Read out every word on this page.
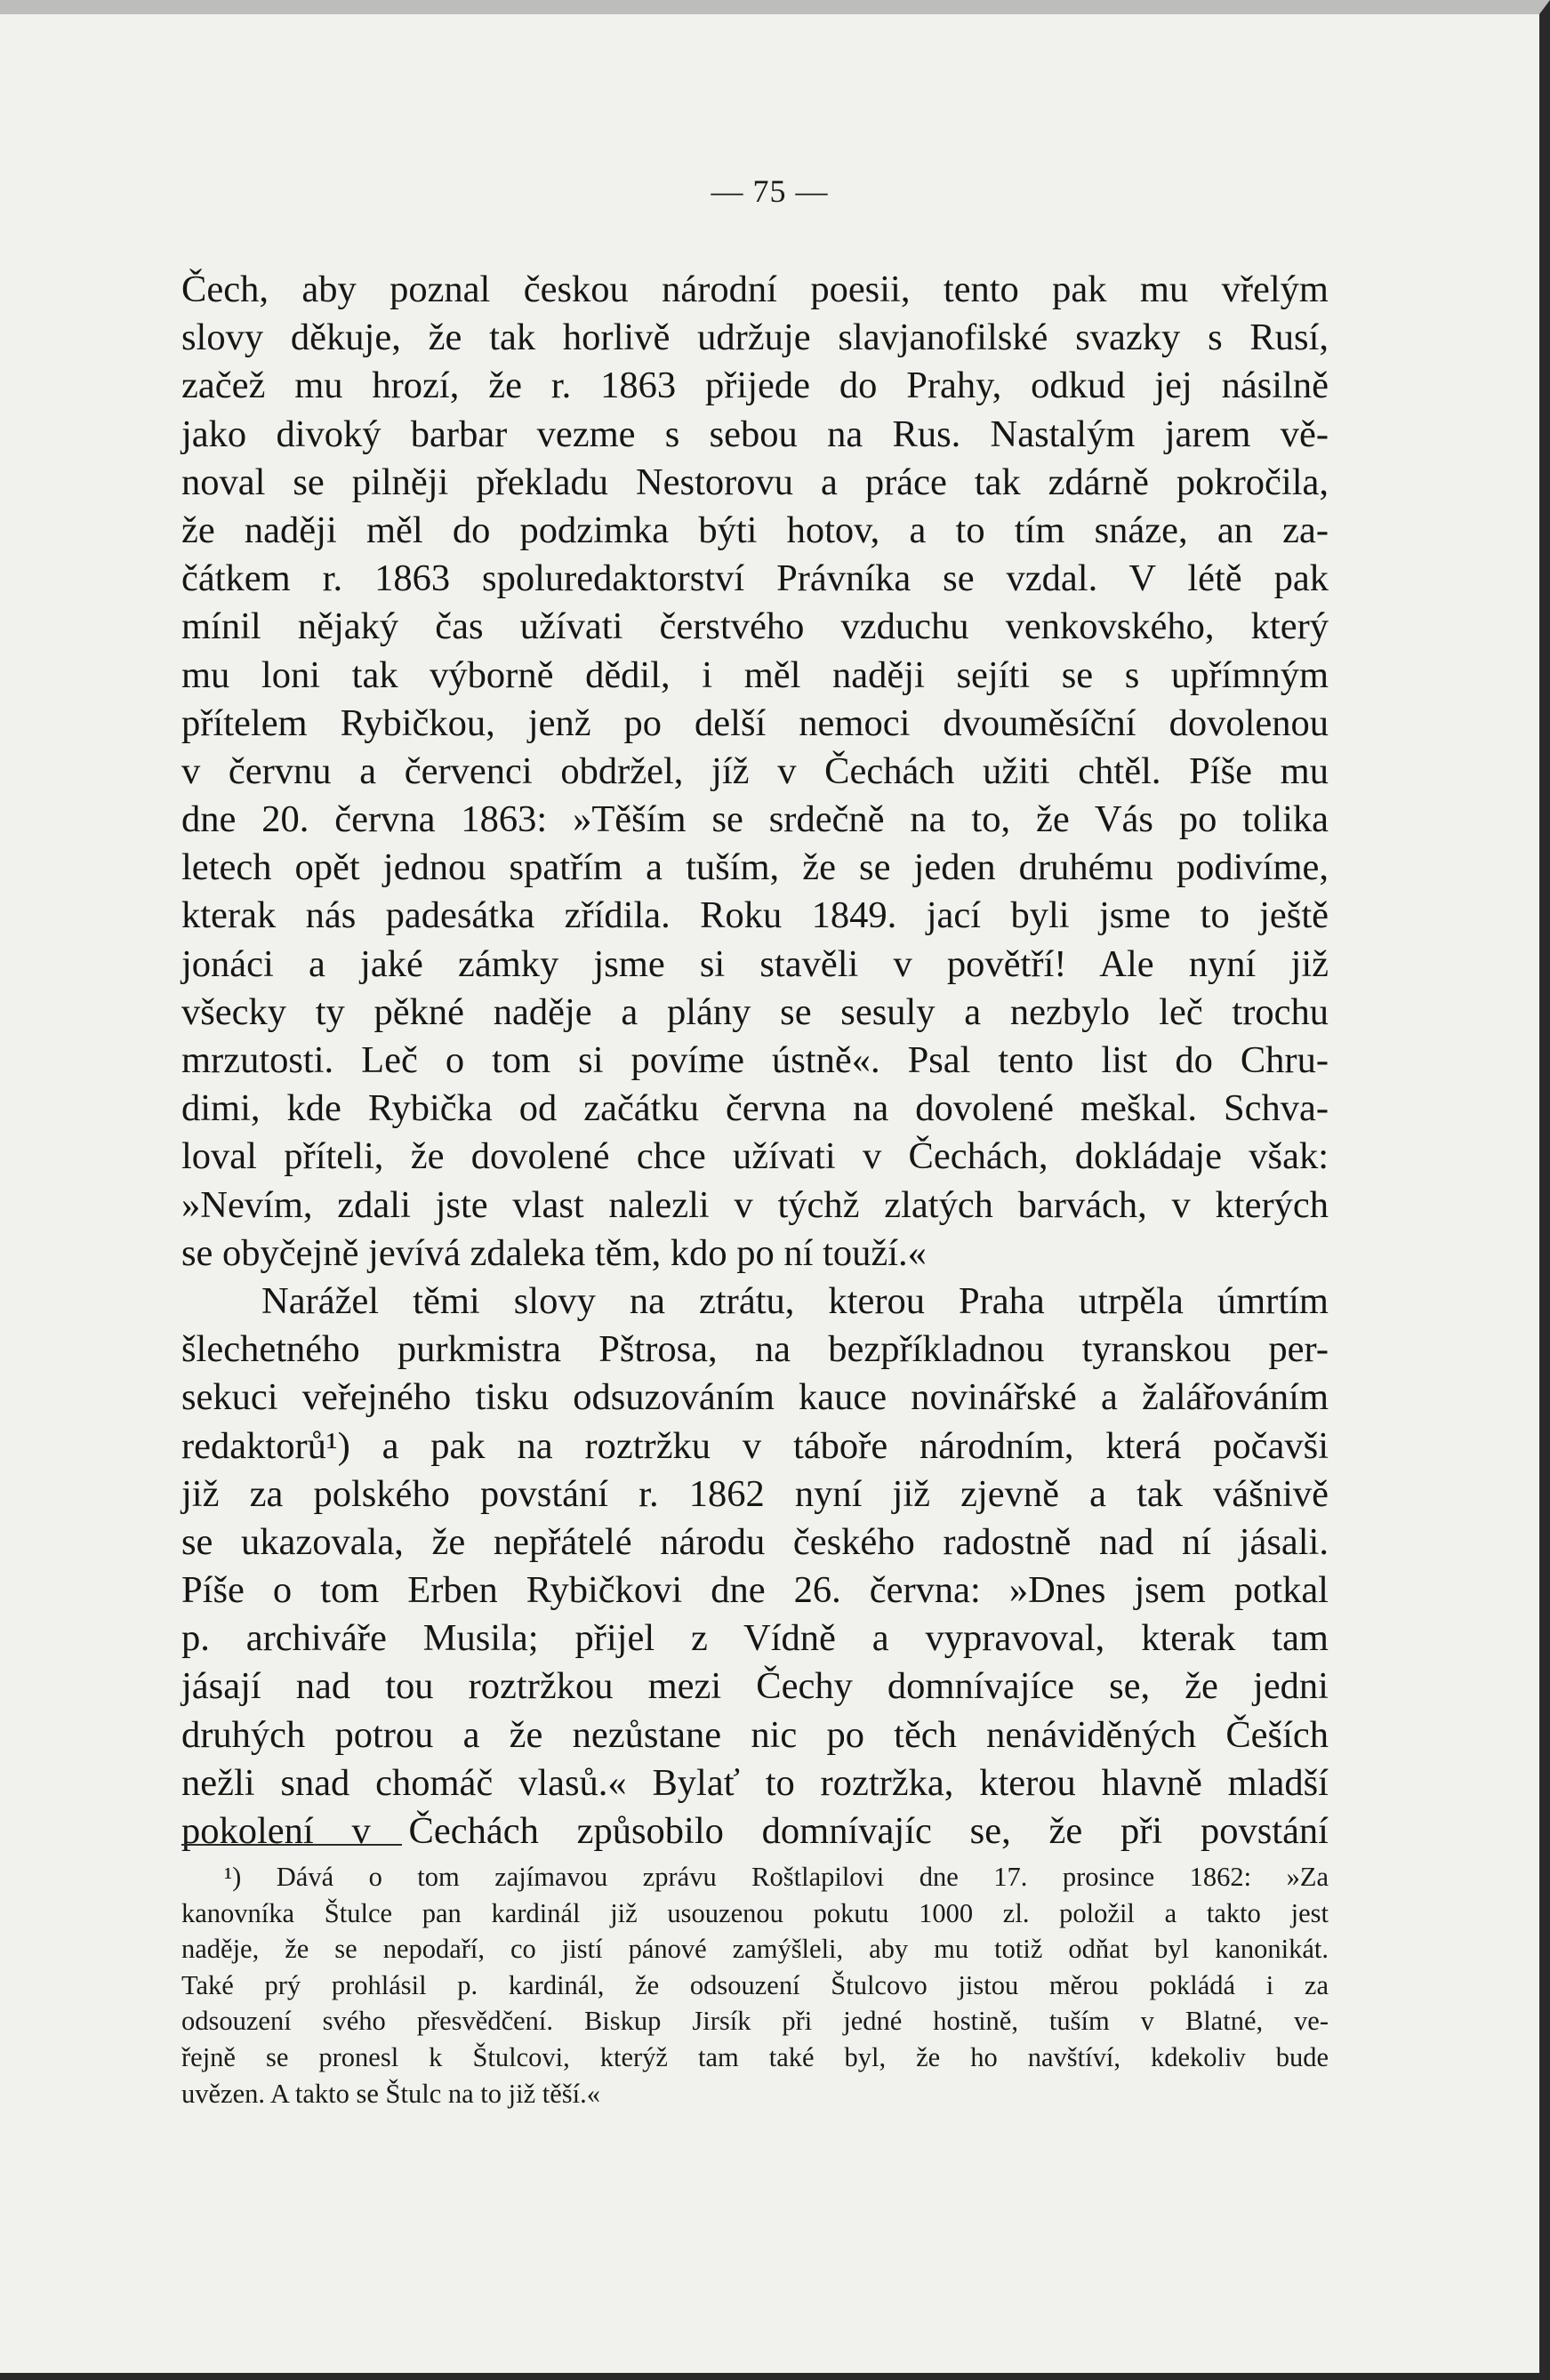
— 75 —
Čech, aby poznal českou národní poesii, tento pak mu vřelým
slovy děkuje, že tak horlivě udržuje slavjanofilské svazky s Rusí,
začež mu hrozí, že r. 1863 přijede do Prahy, odkud jej násilně
jako divoký barbar vezme s sebou na Rus. Nastalým jarem vě-
noval se pilněji překladu Nestorovu a práce tak zdárně pokročila,
že naději měl do podzimka býti hotov, a to tím snáze, an za-
čátkem r. 1863 spoluredaktorství Právníka se vzdal. V létě pak
mínil nějaký čas užívati čerstvého vzduchu venkovského, který
mu loni tak výborně dědil, i měl naději sejíti se s upřímným
přítelem Rybičkou, jenž po delší nemoci dvouměsíční dovolenou
v červnu a červenci obdržel, jíž v Čechách užiti chtěl. Píše mu
dne 20. června 1863: »Těším se srdečně na to, že Vás po tolika
letech opět jednou spatřím a tuším, že se jeden druhému podivíme,
kterak nás padesátka zřídila. Roku 1849. jací byli jsme to ještě
jonáci a jaké zámky jsme si stavěli v povětří! Ale nyní již
všecky ty pěkné naděje a plány se sesuly a nezbylo leč trochu
mrzutosti. Leč o tom si povíme ústně«. Psal tento list do Chru-
dimi, kde Rybička od začátku června na dovolené meškal. Schva-
loval příteli, že dovolené chce užívati v Čechách, dokládaje však:
»Nevím, zdali jste vlast nalezli v týchž zlatých barvách, v kterých
se obyčejně jevívá zdaleka těm, kdo po ní touží.«
Narážel těmi slovy na ztrátu, kterou Praha utrpěla úmrtím
šlechetného purkmistra Pštrosa, na bezpříkladnou tyranskou per-
sekuci veřejného tisku odsuzováním kauce novinářské a žalářováním
redaktorů¹) a pak na roztržku v táboře národním, která počavši
již za polského povstání r. 1862 nyní již zjevně a tak vášnivě
se ukazovala, že nepřátelé národu českého radostně nad ní jásali.
Píše o tom Erben Rybičkovi dne 26. června: »Dnes jsem potkal
p. archiváře Musila; přijel z Vídně a vypravoval, kterak tam
jásají nad tou roztržkou mezi Čechy domnívajíce se, že jedni
druhých potrou a že nezůstane nic po těch nenáviděných Češích
nežli snad chomáč vlasů.« Bylať to roztržka, kterou hlavně mladší
pokolení v Čechách způsobilo domnívajíc se, že při povstání
¹) Dává o tom zajímavou zprávu Roštlapilovi dne 17. prosince 1862: »Za
kanovníka Štulce pan kardinál již usouzenou pokutu 1000 zl. položil a takto jest
naděje, že se nepodaří, co jistí pánové zamýšleli, aby mu totiž odňat byl kanonikát.
Také prý prohlásil p. kardinál, že odsouzení Štulcovo jistou měrou pokládá i za
odsouzení svého přesvědčení. Biskup Jirsík při jedné hostině, tuším v Blatné, ve-
řejně se pronesl k Štulcovi, kterýž tam také byl, že ho navštíví, kdekoliv bude
uvězen. A takto se Štulc na to již těší.«
